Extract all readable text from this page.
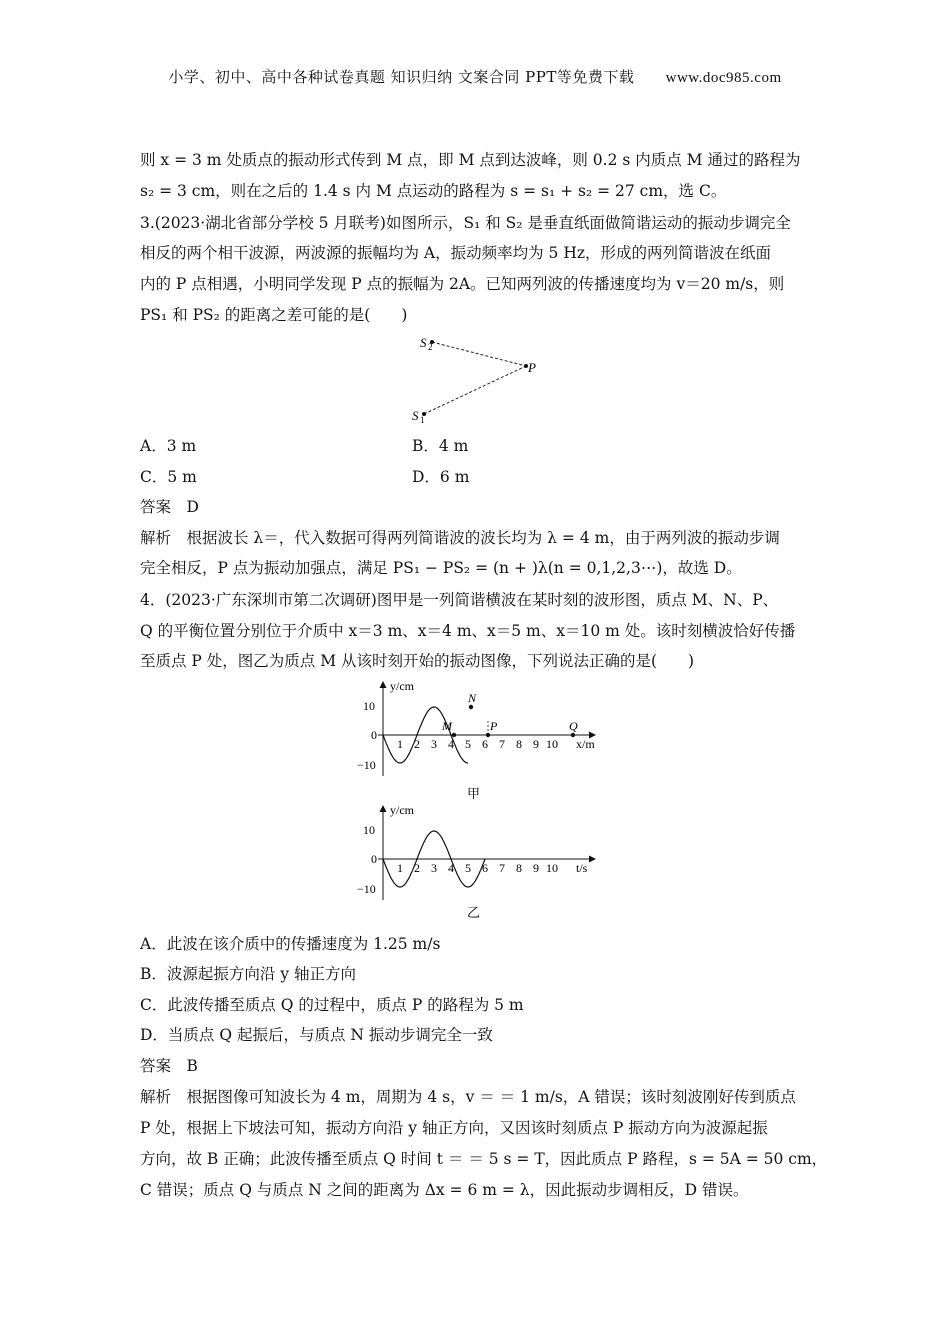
小学、初中、高中各种试卷真题 知识归纳 文案合同 PPT等免费下载 www.doc985.com
则 x = 3 m 处质点的振动形式传到 M 点，即 M 点到达波峰，则 0.2 s 内质点 M 通过的路程为
s₂ = 3 cm，则在之后的 1.4 s 内 M 点运动的路程为 s = s₁ + s₂ = 27 cm，选 C。
3.(2023·湖北省部分学校 5 月联考)如图所示，S₁ 和 S₂ 是垂直纸面做简谐运动的振动步调完全
相反的两个相干波源，两波源的振幅均为 A，振动频率均为 5 Hz，形成的两列简谐波在纸面
内的 P 点相遇，小明同学发现 P 点的振幅为 2A。已知两列波的传播速度均为 v＝20 m/s，则
PS₁ 和 PS₂ 的距离之差可能的是(　　)
S 2
P
S 1
A．3 m	B．4 m
C．5 m	D．6 m
答案　D
解析　根据波长 λ＝，代入数据可得两列简谐波的波长均为 λ = 4 m，由于两列波的振动步调
完全相反，P 点为振动加强点，满足 PS₁ − PS₂ = (n + )λ(n = 0,1,2,3⋯)，故选 D。
4．(2023·广东深圳市第二次调研)图甲是一列简谐横波在某时刻的波形图，质点 M、N、P、
Q 的平衡位置分别位于介质中 x＝3 m、x＝4 m、x＝5 m、x＝10 m 处。该时刻横波恰好传播
至质点 P 处，图乙为质点 M 从该时刻开始的振动图像，下列说法正确的是(　　)
y/cm
x/m
10
0
−10
1 2 3 4 5 6 7 8 9 10
M
N
P	Q
甲
y/cm
t/s
10
0
−10
1 2 3 4 5 6 7 8 9 10
乙
A．此波在该介质中的传播速度为 1.25 m/s
B．波源起振方向沿 y 轴正方向
C．此波传播至质点 Q 的过程中，质点 P 的路程为 5 m
D．当质点 Q 起振后，与质点 N 振动步调完全一致
答案　B
解析　根据图像可知波长为 4 m，周期为 4 s，v ＝ ＝ 1 m/s，A 错误；该时刻波刚好传到质点
P 处，根据上下坡法可知，振动方向沿 y 轴正方向，又因该时刻质点 P 振动方向为波源起振
方向，故 B 正确；此波传播至质点 Q 时间 t ＝ ＝ 5 s = T，因此质点 P 路程，s = 5A = 50 cm，
C 错误；质点 Q 与质点 N 之间的距离为 Δx = 6 m = λ，因此振动步调相反，D 错误。
